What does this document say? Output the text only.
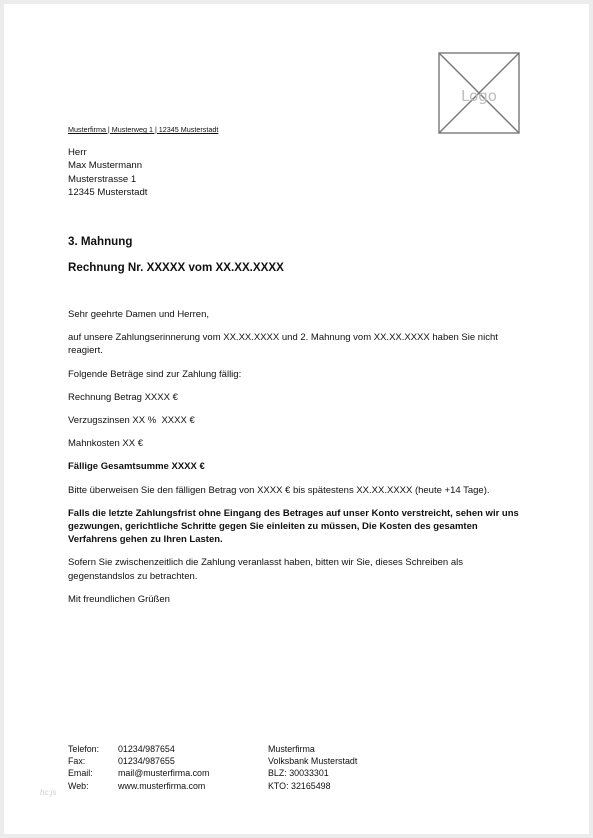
Logo
Musterfirma | Musterweg 1 | 12345 Musterstadt
Herr
Max Mustermann
Musterstrasse 1
12345 Musterstadt
3. Mahnung
Rechnung Nr. XXXXX vom XX.XX.XXXX

Sehr geehrte Damen und Herren,

auf unsere Zahlungserinnerung vom XX.XX.XXXX und 2. Mahnung vom XX.XX.XXXX haben Sie nicht reagiert.

Folgende Beträge sind zur Zahlung fällig:

Rechnung Betrag XXXX €

Verzugszinsen XX %  XXXX €

Mahnkosten XX €

Fällige Gesamtsumme XXXX €

Bitte überweisen Sie den fälligen Betrag von XXXX € bis spätestens XX.XX.XXXX (heute +14 Tage).

Falls die letzte Zahlungsfrist ohne Eingang des Betrages auf unser Konto verstreicht, sehen wir uns gezwungen, gerichtliche Schritte gegen Sie einleiten zu müssen, Die Kosten des gesamten Verfahrens gehen zu Ihren Lasten.

Sofern Sie zwischenzeitlich die Zahlung veranlasst haben, bitten wir Sie, dieses Schreiben als gegenstandslos zu betrachten.

Mit freundlichen Grüßen

Telefon:
Fax:
Email:
Web:
01234/987654
01234/987655
mail@musterfirma.com
www.musterfirma.com
Musterfirma
Volksbank Musterstadt
BLZ: 30033301
KTO: 32165498
hc:js
